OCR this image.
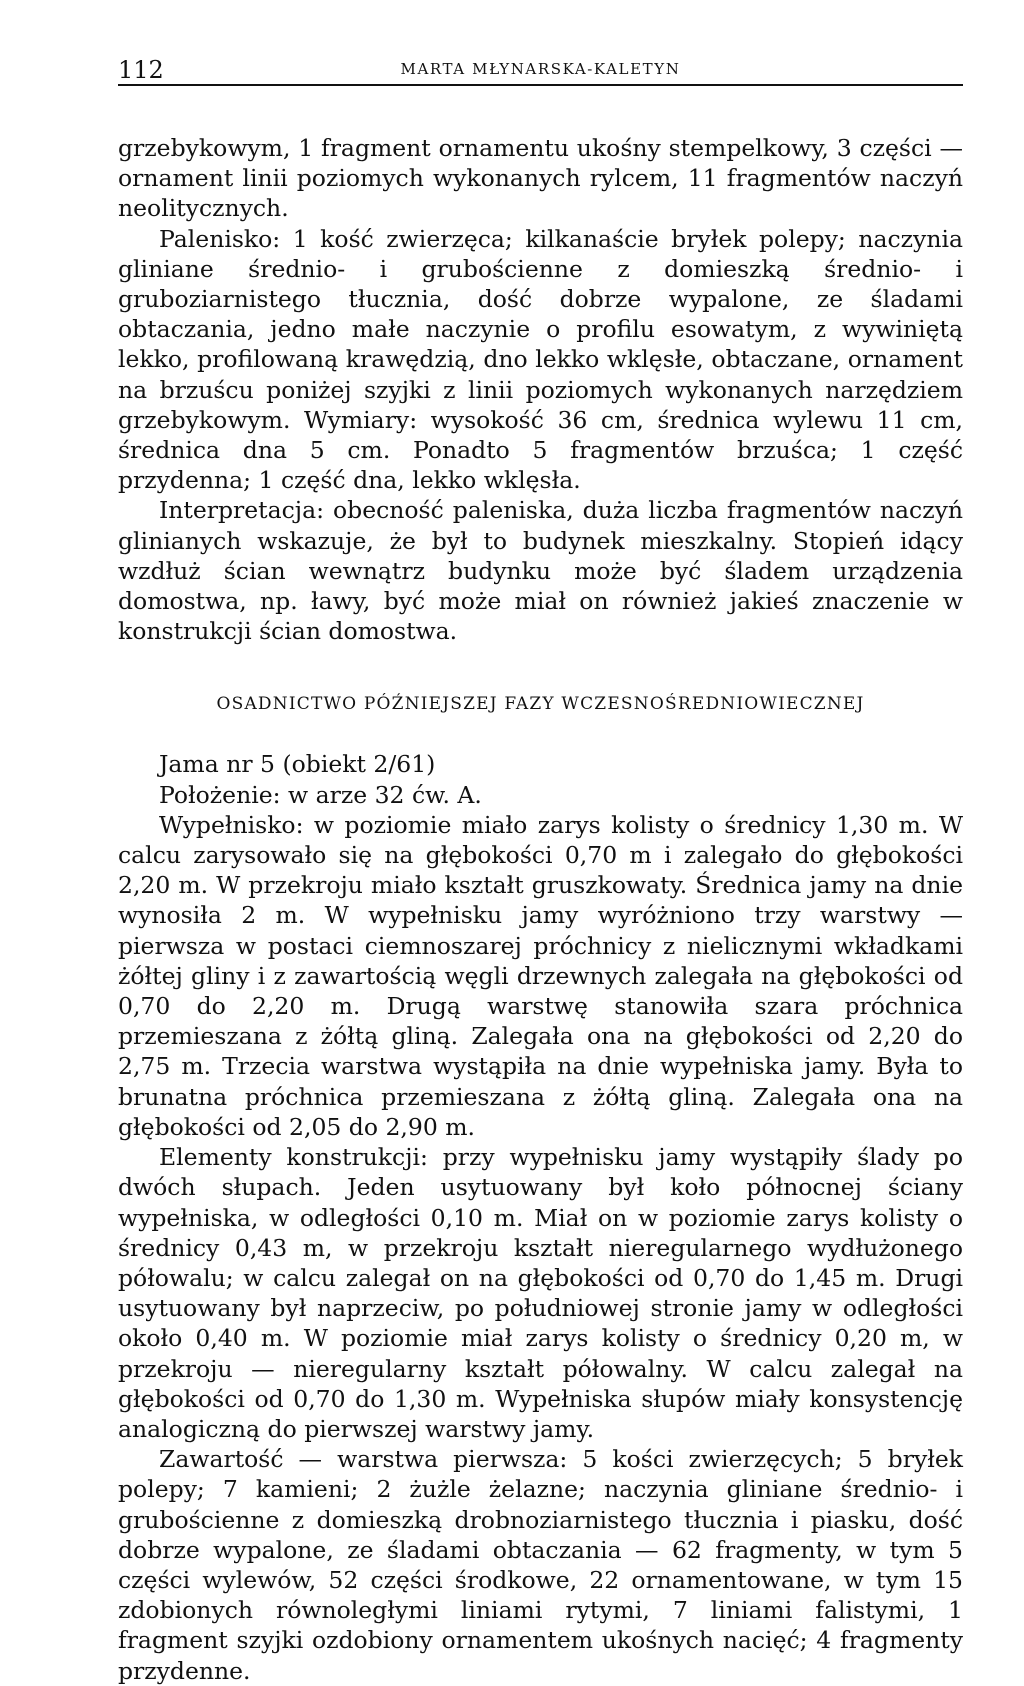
112	MARTA MŁYNARSKA-KALETYN

grzebykowym, 1 fragment ornamentu ukośny stempelkowy, 3 części — ornament linii poziomych wykonanych rylcem, 11 fragmentów naczyń neolitycznych.

Palenisko: 1 kość zwierzęca; kilkanaście bryłek polepy; naczynia gliniane średnio- i grubościenne z domieszką średnio- i gruboziarnistego tłucznia, dość dobrze wypalone, ze śladami obtaczania, jedno małe naczynie o profilu esowatym, z wywiniętą lekko, profilowaną krawędzią, dno lekko wklęsłe, obtaczane, ornament na brzuścu poniżej szyjki z linii poziomych wykonanych narzędziem grzebykowym. Wymiary: wysokość 36 cm, średnica wylewu 11 cm, średnica dna 5 cm. Ponadto 5 fragmentów brzuśca; 1 część przydenna; 1 część dna, lekko wklęsła.

Interpretacja: obecność paleniska, duża liczba fragmentów naczyń glinianych wskazuje, że był to budynek mieszkalny. Stopień idący wzdłuż ścian wewnątrz budynku może być śladem urządzenia domostwa, np. ławy, być może miał on również jakieś znaczenie w konstrukcji ścian domostwa.

OSADNICTWO PÓŹNIEJSZEJ FAZY WCZESNOŚREDNIOWIECZNEJ

Jama nr 5 (obiekt 2/61)

Położenie: w arze 32 ćw. A.

Wypełnisko: w poziomie miało zarys kolisty o średnicy 1,30 m. W calcu zarysowało się na głębokości 0,70 m i zalegało do głębokości 2,20 m. W przekroju miało kształt gruszkowaty. Średnica jamy na dnie wynosiła 2 m. W wypełnisku jamy wyróżniono trzy warstwy — pierwsza w postaci ciemnoszarej próchnicy z nielicznymi wkładkami żółtej gliny i z zawartością węgli drzewnych zalegała na głębokości od 0,70 do 2,20 m. Drugą warstwę stanowiła szara próchnica przemieszana z żółtą gliną. Zalegała ona na głębokości od 2,20 do 2,75 m. Trzecia warstwa wystąpiła na dnie wypełniska jamy. Była to brunatna próchnica przemieszana z żółtą gliną. Zalegała ona na głębokości od 2,05 do 2,90 m.

Elementy konstrukcji: przy wypełnisku jamy wystąpiły ślady po dwóch słupach. Jeden usytuowany był koło północnej ściany wypełniska, w odległości 0,10 m. Miał on w poziomie zarys kolisty o średnicy 0,43 m, w przekroju kształt nieregularnego wydłużonego półowalu; w calcu zalegał on na głębokości od 0,70 do 1,45 m. Drugi usytuowany był naprzeciw, po południowej stronie jamy w odległości około 0,40 m. W poziomie miał zarys kolisty o średnicy 0,20 m, w przekroju — nieregularny kształt półowalny. W calcu zalegał na głębokości od 0,70 do 1,30 m. Wypełniska słupów miały konsystencję analogiczną do pierwszej warstwy jamy.

Zawartość — warstwa pierwsza: 5 kości zwierzęcych; 5 bryłek polepy; 7 kamieni; 2 żużle żelazne; naczynia gliniane średnio- i grubościenne z domieszką drobnoziarnistego tłucznia i piasku, dość dobrze wypalone, ze śladami obtaczania — 62 fragmenty, w tym 5 części wylewów, 52 części środkowe, 22 ornamentowane, w tym 15 zdobionych równoległymi liniami rytymi, 7 liniami falistymi, 1 fragment szyjki ozdobiony ornamentem ukośnych nacięć; 4 fragmenty przydenne.
